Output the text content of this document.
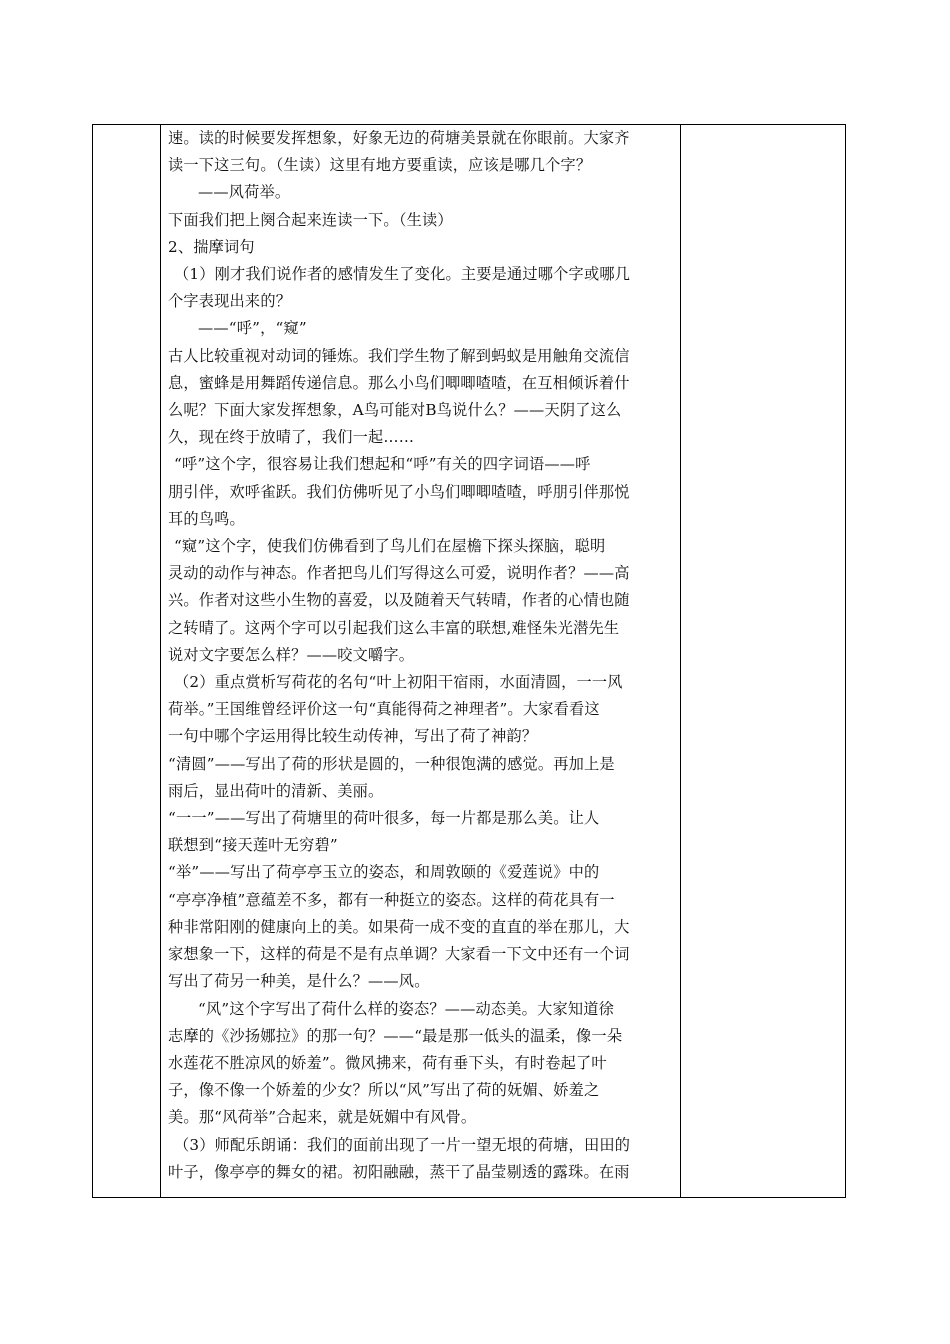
速。读的时候要发挥想象，好象无边的荷塘美景就在你眼前。大家齐

读一下这三句。（生读）这里有地方要重读，应该是哪几个字？

——风荷举。

下面我们把上阕合起来连读一下。（生读）

2、揣摩词句

（1）刚才我们说作者的感情发生了变化。主要是通过哪个字或哪几

个字表现出来的？

——“呼”，“窥”

古人比较重视对动词的锤炼。我们学生物了解到蚂蚁是用触角交流信

息，蜜蜂是用舞蹈传递信息。那么小鸟们唧唧喳喳，在互相倾诉着什

么呢？下面大家发挥想象，A鸟可能对B鸟说什么？——天阴了这么

久，现在终于放晴了，我们一起……

“呼”这个字，很容易让我们想起和“呼”有关的四字词语——呼

朋引伴，欢呼雀跃。我们仿佛听见了小鸟们唧唧喳喳，呼朋引伴那悦

耳的鸟鸣。

“窥”这个字，使我们仿佛看到了鸟儿们在屋檐下探头探脑，聪明

灵动的动作与神态。作者把鸟儿们写得这么可爱，说明作者？——高

兴。作者对这些小生物的喜爱，以及随着天气转晴，作者的心情也随

之转晴了。这两个字可以引起我们这么丰富的联想,难怪朱光潜先生

说对文字要怎么样？——咬文嚼字。

（2）重点赏析写荷花的名句“叶上初阳干宿雨，水面清圆，一一风

荷举。”王国维曾经评价这一句“真能得荷之神理者”。大家看看这

一句中哪个字运用得比较生动传神，写出了荷了神韵？

“清圆”——写出了荷的形状是圆的，一种很饱满的感觉。再加上是

雨后，显出荷叶的清新、美丽。

“一一”——写出了荷塘里的荷叶很多，每一片都是那么美。让人

联想到“接天莲叶无穷碧”

“举”——写出了荷亭亭玉立的姿态，和周敦颐的《爱莲说》中的

“亭亭净植”意蕴差不多，都有一种挺立的姿态。这样的荷花具有一

种非常阳刚的健康向上的美。如果荷一成不变的直直的举在那儿，大

家想象一下，这样的荷是不是有点单调？大家看一下文中还有一个词

写出了荷另一种美，是什么？——风。

“风”这个字写出了荷什么样的姿态？——动态美。大家知道徐

志摩的《沙扬娜拉》的那一句？——“最是那一低头的温柔，像一朵

水莲花不胜凉风的娇羞”。微风拂来，荷有垂下头，有时卷起了叶

子，像不像一个娇羞的少女？所以“风”写出了荷的妩媚、娇羞之

美。那“风荷举”合起来，就是妩媚中有风骨。

（3）师配乐朗诵：我们的面前出现了一片一望无垠的荷塘，田田的

叶子，像亭亭的舞女的裙。初阳融融，蒸干了晶莹剔透的露珠。在雨
